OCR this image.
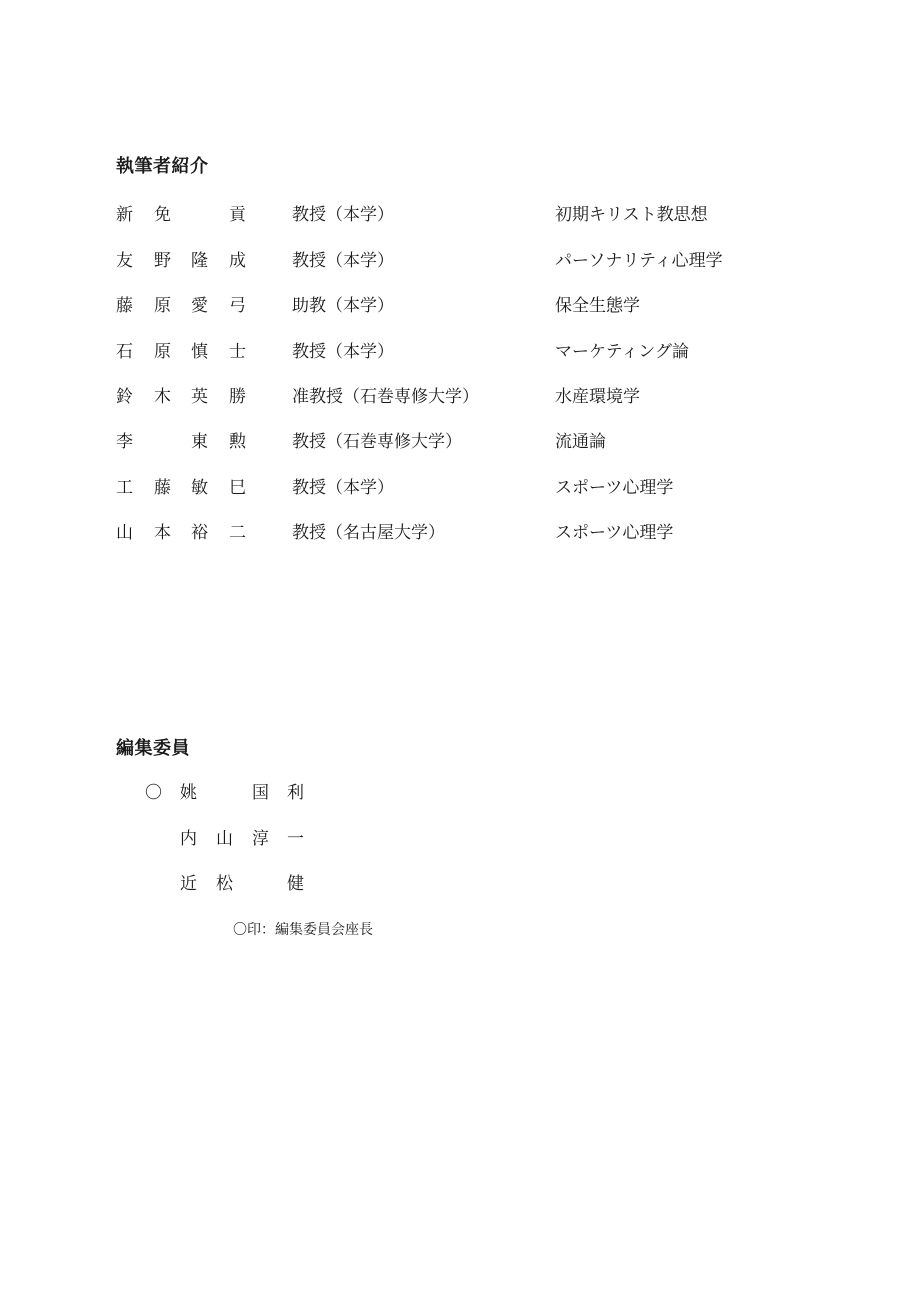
執筆者紹介
新 免	貢	教授（本学）	初期キリスト教思想
友 野 隆 成	教授（本学）	パーソナリティ心理学
藤 原 愛 弓	助教（本学）	保全生態学
石 原 慎 士	教授（本学）	マーケティング論
鈴 木 英 勝	准教授（石巻専修大学）	水産環境学
李	東 勲	教授（石巻専修大学）	流通論
工 藤 敏 巳	教授（本学）	スポーツ心理学
山 本 裕 二	教授（名古屋大学）	スポーツ心理学
編集委員
〇 姚	国 利
内 山 淳 一
近 松	健
〇印：編集委員会座長
